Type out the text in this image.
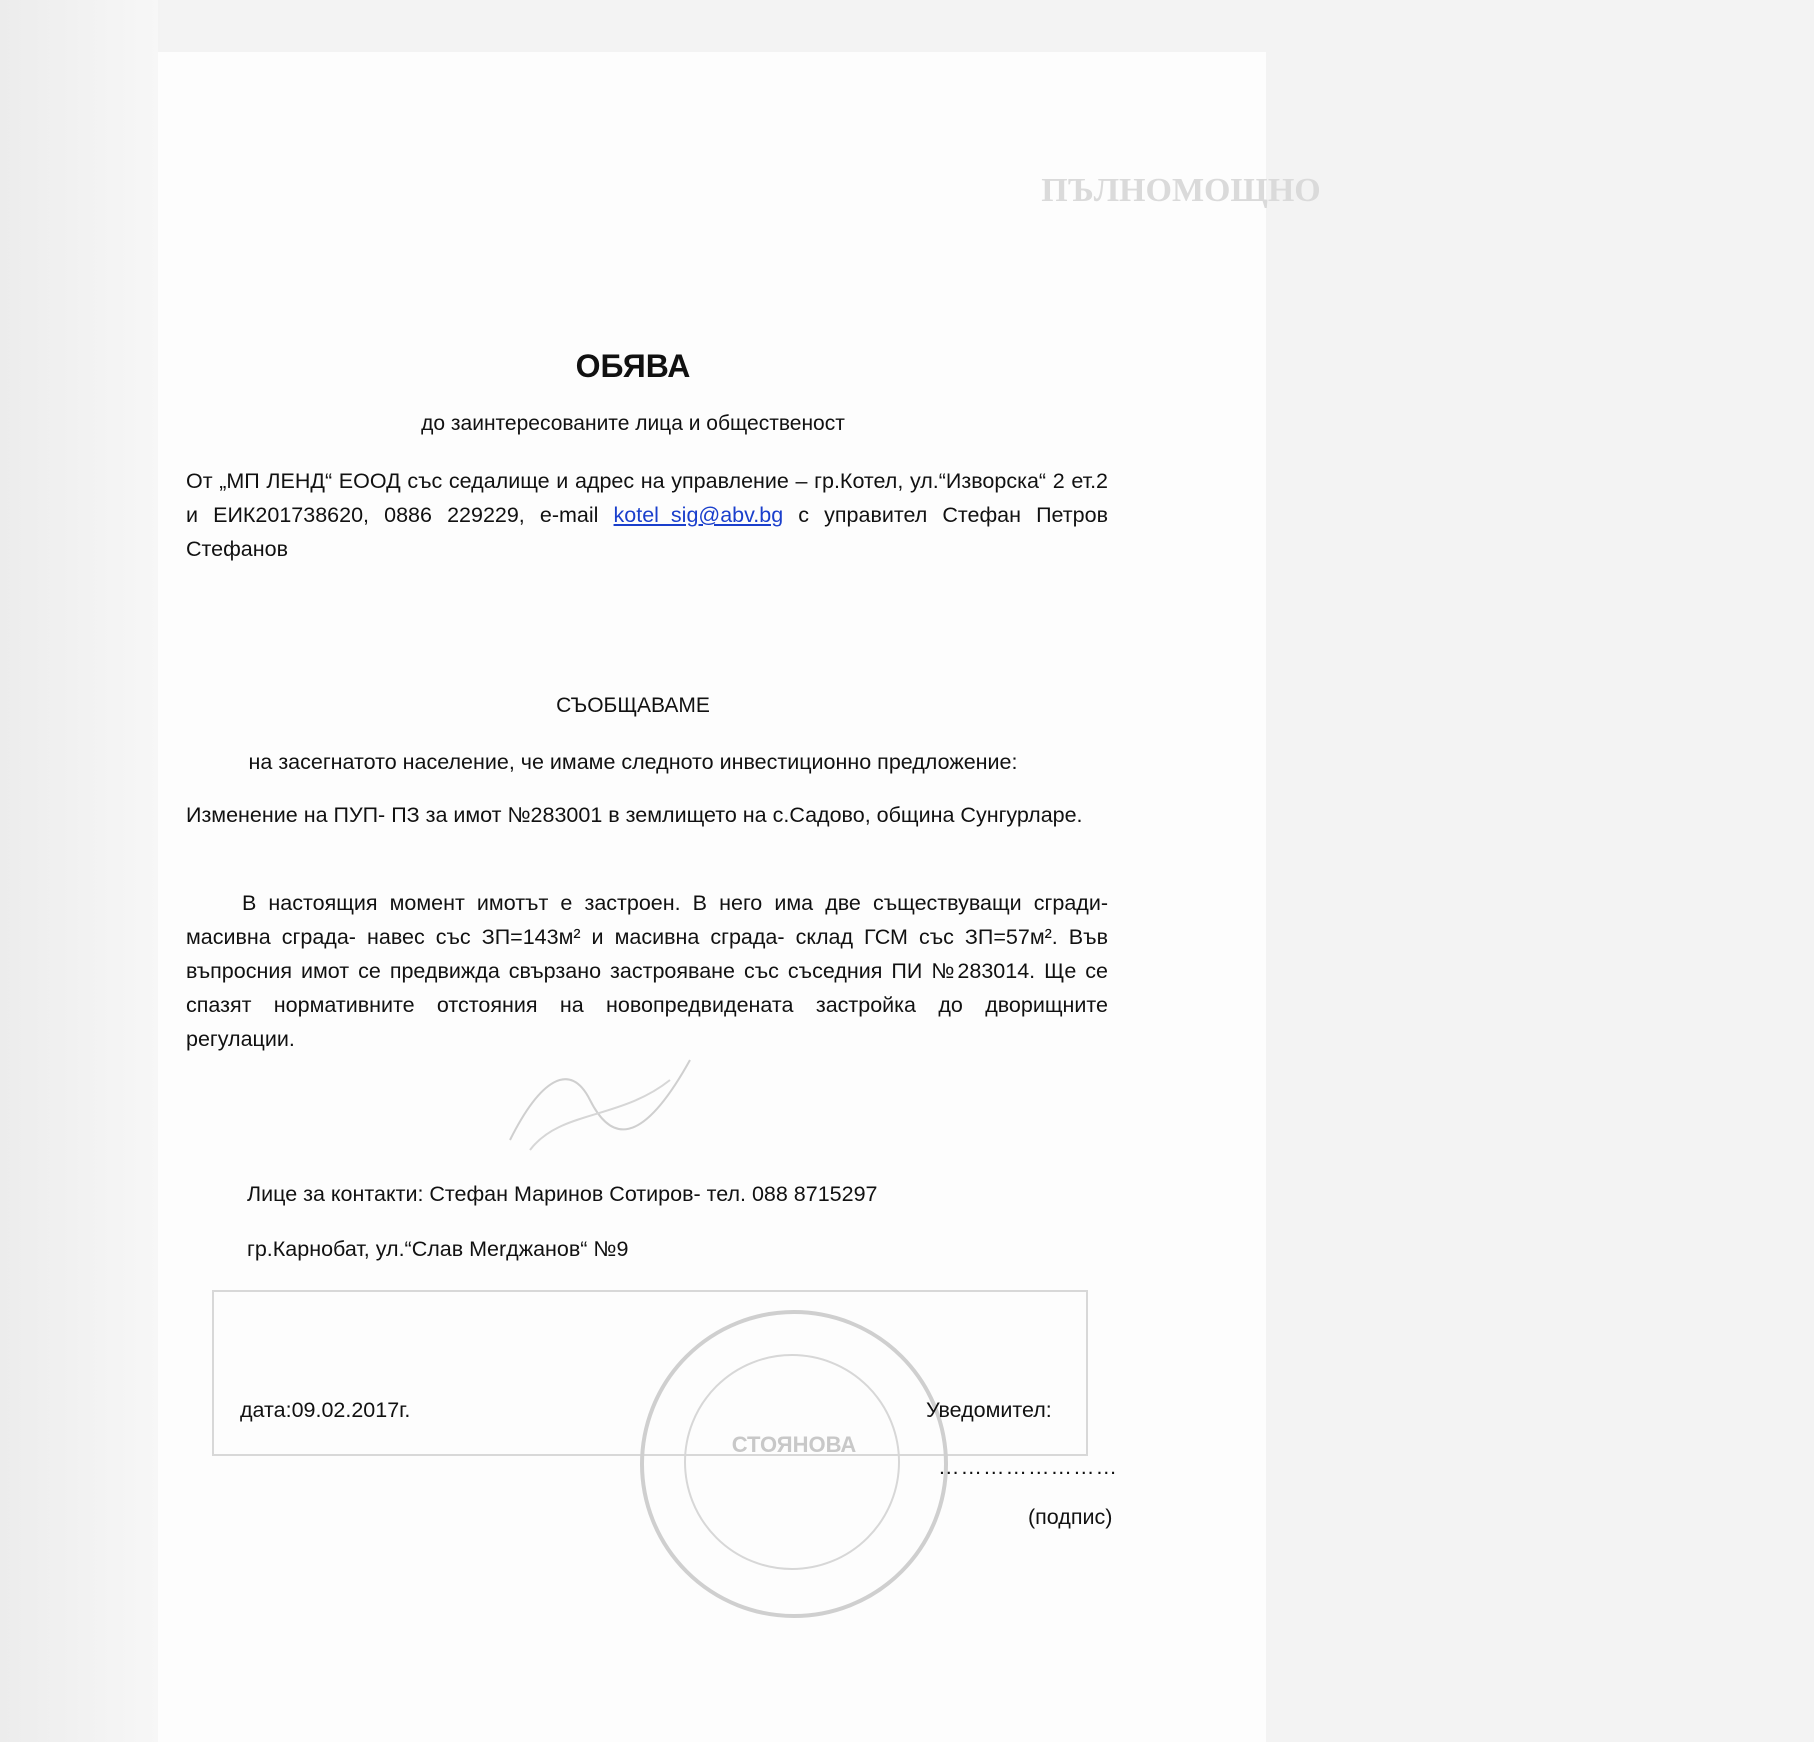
ПЪЛНОМОЩНО
СТОЯНОВА
ОБЯВА
до заинтересованите лица и общественост
От „МП ЛЕНД“ ЕООД със седалище и адрес на управление – гр.Котел, ул.“Изворска“ 2 ет.2 и ЕИК201738620, 0886 229229, e-mail kotel_sig@abv.bg с управител Стефан Петров Стефанов
СЪОБЩАВАМЕ
на засегнатото население, че имаме следното инвестиционно предложение:
Изменение на ПУП- ПЗ за имот №283001 в землището на с.Садово, община Сунгурларе.
В настоящия момент имотът е застроен. В него има две съществуващи сгради- масивна сграда- навес със ЗП=143м² и масивна сграда- склад ГСМ със ЗП=57м². Във въпросния имот се предвижда свързано застрояване със съседния ПИ №283014. Ще се спазят нормативните отстояния на новопредвидената застройка до дворищните регулации.
Лице за контакти: Стефан Маринов Сотиров- тел. 088 8715297
гр.Карнобат, ул.“Слав Merджанов“ №9
дата:09.02.2017г.	Уведомител:
……………………
(подпис)
